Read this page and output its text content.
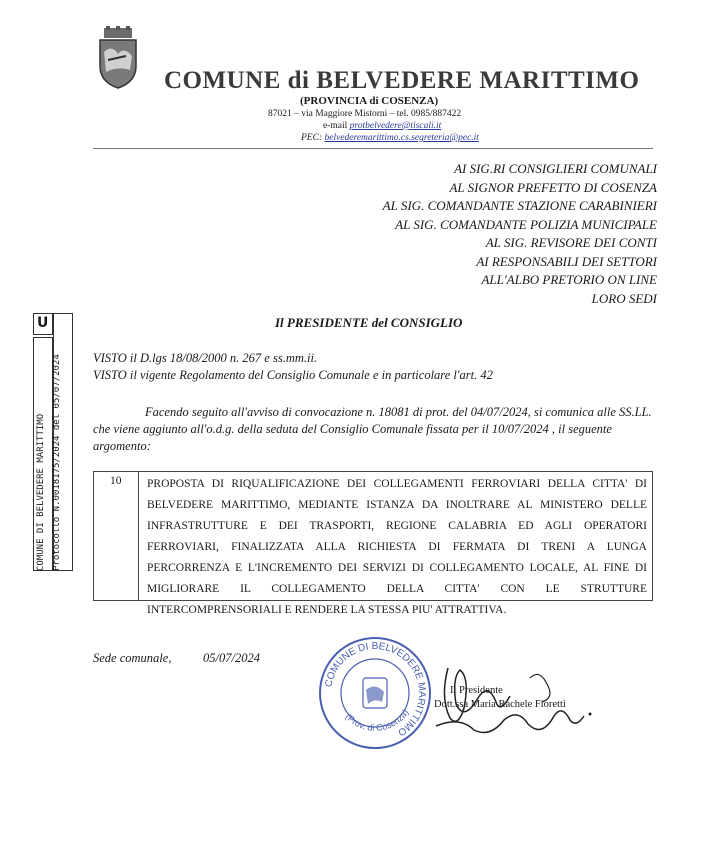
COMUNE di BELVEDERE MARITTIMO
(PROVINCIA di COSENZA)
87021 – via Maggiore Mistorni – tel. 0985/887422
e-mail protbelvedere@tiscali.it
PEC: belvederemarittimo.cs.segreteria@pec.it
AI SIG.RI CONSIGLIERI COMUNALI
AL SIGNOR PREFETTO DI COSENZA
AL SIG. COMANDANTE STAZIONE CARABINIERI
AL SIG. COMANDANTE POLIZIA MUNICIPALE
AL SIG. REVISORE DEI CONTI
AI RESPONSABILI DEI SETTORI
ALL'ALBO PRETORIO ON LINE
LORO SEDI
U
COMUNE DI BELVEDERE MARITTIMO Protocollo N.0018175/2024 del 05/07/2024
Il PRESIDENTE del CONSIGLIO
VISTO il D.lgs 18/08/2000 n. 267 e ss.mm.ii.
VISTO il vigente Regolamento del Consiglio Comunale e in particolare l'art. 42
Facendo seguito all'avviso di convocazione n. 18081 di prot. del 04/07/2024, si comunica alle SS.LL.
che viene aggiunto all'o.d.g. della seduta del Consiglio Comunale fissata per il 10/07/2024 , il seguente
argomento:
10 PROPOSTA DI RIQUALIFICAZIONE DEI COLLEGAMENTI FERROVIARI DELLA CITTA' DI
BELVEDERE MARITTIMO, MEDIANTE ISTANZA DA INOLTRARE AL MINISTERO DELLE
INFRASTRUTTURE E DEI TRASPORTI, REGIONE CALABRIA ED AGLI OPERATORI
FERROVIARI, FINALIZZATA ALLA RICHIESTA DI FERMATA DI TRENI A LUNGA
PERCORRENZA E L'INCREMENTO DEI SERVIZI DI COLLEGAMENTO LOCALE, AL FINE DI
MIGLIORARE IL COLLEGAMENTO DELLA CITTA' CON LE STRUTTURE
INTERCOMPRENSORIALI E RENDERE LA STESSA PIU' ATTRATTIVA.
Sede comunale,	05/07/2024
COMUNE DI BELVEDERE MARITTIMO
(Prov. di Cosenza)
Il Presidente
Dott.ssa Maria Rachele Fioretti
